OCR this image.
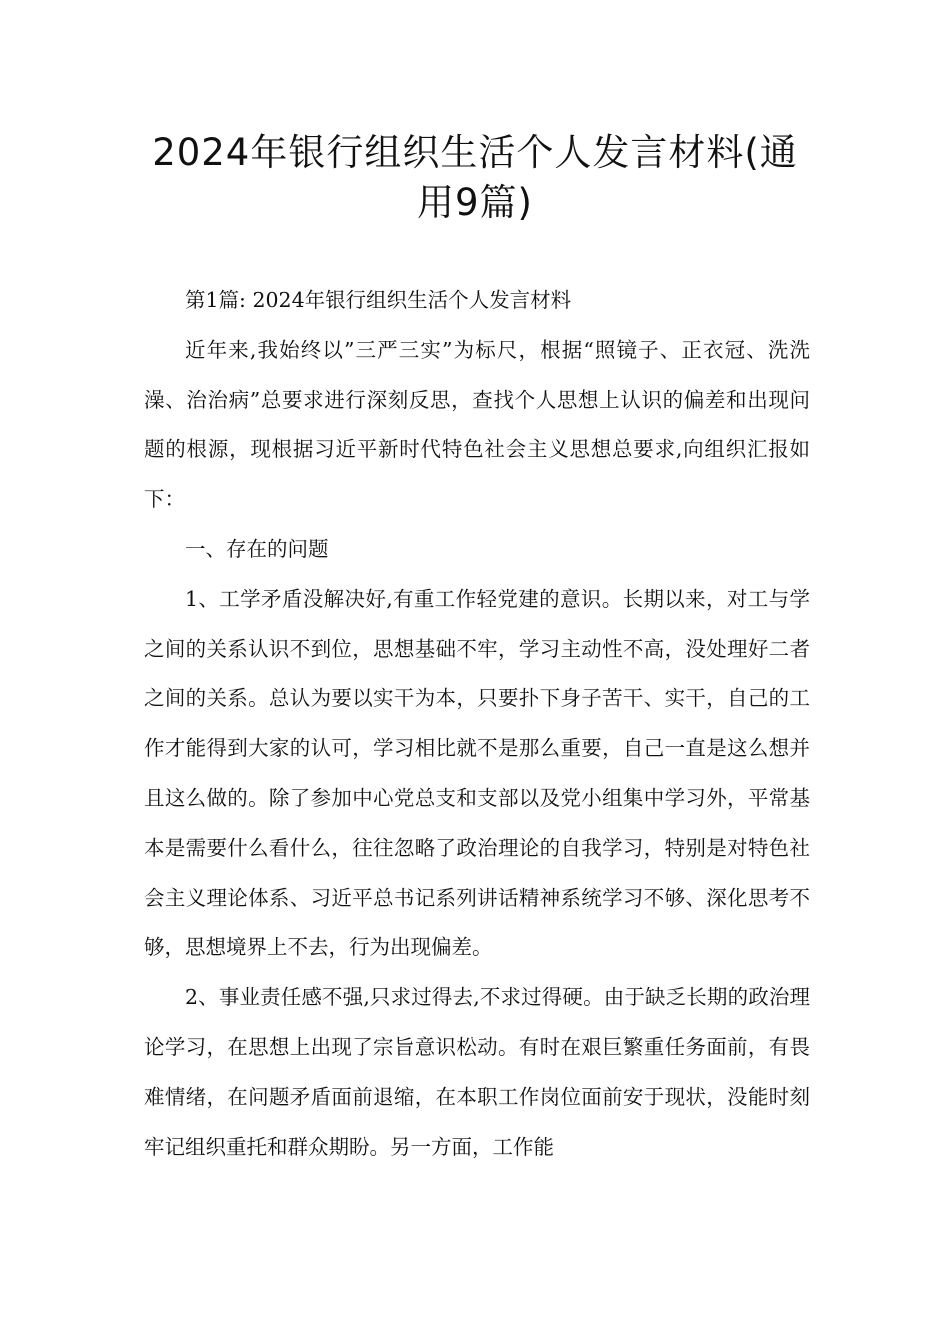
2024年银行组织生活个人发言材料(通用9篇)

第1篇: 2024年银行组织生活个人发言材料

近年来,我始终以”三严三实”为标尺，根据“照镜子、正衣冠、洗洗澡、治治病”总要求进行深刻反思，查找个人思想上认识的偏差和出现问题的根源，现根据习近平新时代特色社会主义思想总要求,向组织汇报如下：

一、存在的问题

1、工学矛盾没解决好,有重工作轻党建的意识。长期以来，对工与学之间的关系认识不到位，思想基础不牢，学习主动性不高，没处理好二者之间的关系。总认为要以实干为本，只要扑下身子苦干、实干，自己的工作才能得到大家的认可，学习相比就不是那么重要，自己一直是这么想并且这么做的。除了参加中心党总支和支部以及党小组集中学习外，平常基本是需要什么看什么，往往忽略了政治理论的自我学习，特别是对特色社会主义理论体系、习近平总书记系列讲话精神系统学习不够、深化思考不够，思想境界上不去，行为出现偏差。

2、事业责任感不强,只求过得去,不求过得硬。由于缺乏长期的政治理论学习，在思想上出现了宗旨意识松动。有时在艰巨繁重任务面前，有畏难情绪，在问题矛盾面前退缩，在本职工作岗位面前安于现状，没能时刻牢记组织重托和群众期盼。另一方面，工作能
